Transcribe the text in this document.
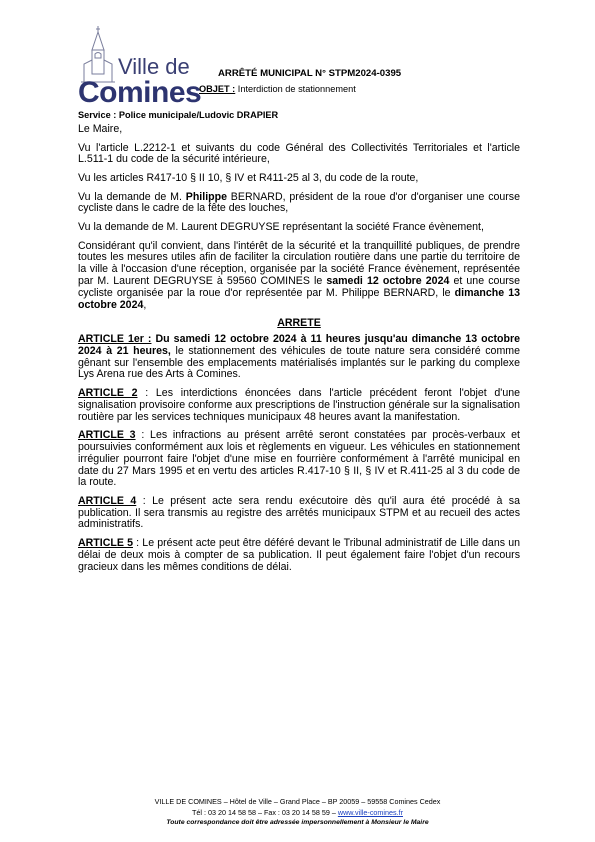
Ville de
Comines
ARRÊTÉ MUNICIPAL N° STPM2024-0395
OBJET : Interdiction de stationnement
Service : Police municipale/Ludovic DRAPIER

Le Maire,

Vu l'article L.2212-1 et suivants du code Général des Collectivités Territoriales et l'article L.511-1 du code de la sécurité intérieure,

Vu les articles R417-10 § II 10, § IV et R411-25 al 3, du code de la route,

Vu la demande de M. Philippe BERNARD, président de la roue d'or d'organiser une course cycliste dans le cadre de la fête des louches,

Vu la demande de M. Laurent DEGRUYSE représentant la société France évènement,

Considérant qu'il convient, dans l'intérêt de la sécurité et la tranquillité publiques, de prendre toutes les mesures utiles afin de faciliter la circulation routière dans une partie du territoire de la ville à l'occasion d'une réception, organisée par la société France évènement, représentée par M. Laurent DEGRUYSE à 59560 COMINES le samedi 12 octobre 2024 et une course cycliste organisée par la roue d'or représentée par M. Philippe BERNARD, le dimanche 13 octobre 2024,

ARRETE

ARTICLE 1er : Du samedi 12 octobre 2024 à 11 heures jusqu'au dimanche 13 octobre 2024 à 21 heures, le stationnement des véhicules de toute nature sera considéré comme gênant sur l'ensemble des emplacements matérialisés implantés sur le parking du complexe Lys Arena rue des Arts à Comines.

ARTICLE 2 : Les interdictions énoncées dans l'article précédent feront l'objet d'une signalisation provisoire conforme aux prescriptions de l'instruction générale sur la signalisation routière par les services techniques municipaux 48 heures avant la manifestation.

ARTICLE 3 : Les infractions au présent arrêté seront constatées par procès-verbaux et poursuivies conformément aux lois et règlements en vigueur. Les véhicules en stationnement irrégulier pourront faire l'objet d'une mise en fourrière conformément à l'arrêté municipal en date du 27 Mars 1995 et en vertu des articles R.417-10 § II, § IV et R.411-25 al 3 du code de la route.

ARTICLE 4 : Le présent acte sera rendu exécutoire dès qu'il aura été procédé à sa publication. Il sera transmis au registre des arrêtés municipaux STPM et au recueil des actes administratifs.

ARTICLE 5 : Le présent acte peut être déféré devant le Tribunal administratif de Lille dans un délai de deux mois à compter de sa publication. Il peut également faire l'objet d'un recours gracieux dans les mêmes conditions de délai.

VILLE DE COMINES – Hôtel de Ville – Grand Place – BP 20059 – 59558 Comines Cedex
Tél : 03 20 14 58 58 – Fax : 03 20 14 58 59 – www.ville-comines.fr
Toute correspondance doit être adressée impersonnellement à Monsieur le Maire
